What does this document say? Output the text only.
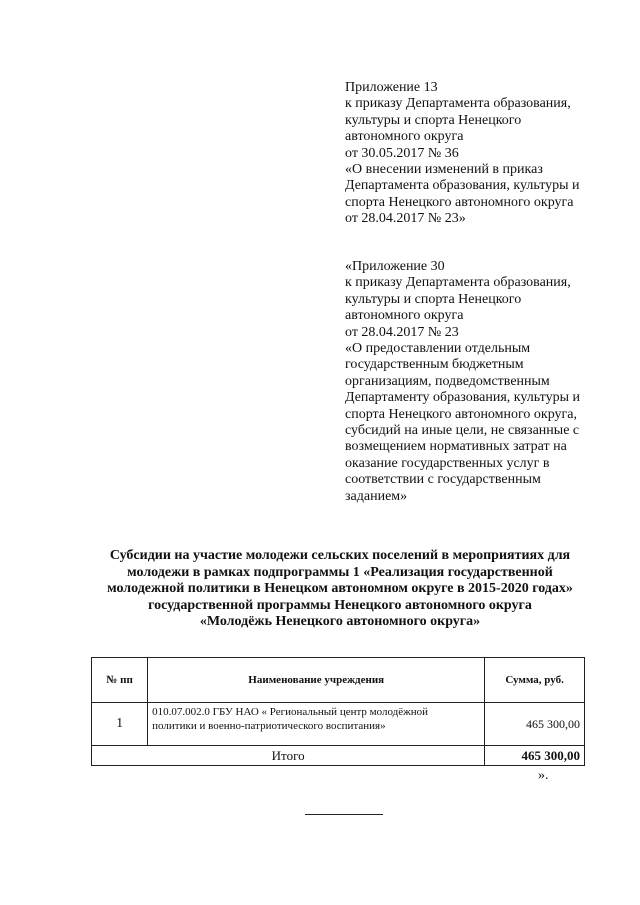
Приложение 13
к приказу Департамента образования,
культуры и спорта Ненецкого
автономного округа
от 30.05.2017 № 36
«О внесении изменений в приказ
Департамента образования, культуры и
спорта Ненецкого автономного округа
от 28.04.2017 № 23»
«Приложение 30
к приказу Департамента образования,
культуры и спорта Ненецкого
автономного округа
от 28.04.2017 № 23
«О предоставлении отдельным
государственным бюджетным
организациям, подведомственным
Департаменту образования, культуры и
спорта Ненецкого автономного округа,
субсидий на иные цели, не связанные с
возмещением нормативных затрат на
оказание государственных услуг в
соответствии с государственным
заданием»
Субсидии на участие молодежи сельских поселений в мероприятиях для
молодежи в рамках подпрограммы 1 «Реализация государственной
молодежной политики в Ненецком автономном округе в 2015-2020 годах»
государственной программы Ненецкого автономного округа
«Молодёжь Ненецкого автономного округа»
№ пп	Наименование учреждения	Сумма, руб.
1	010.07.002.0 ГБУ НАО « Региональный центр молодёжной
политики и военно-патриотического воспитания»	465 300,00
Итого		465 300,00
».
